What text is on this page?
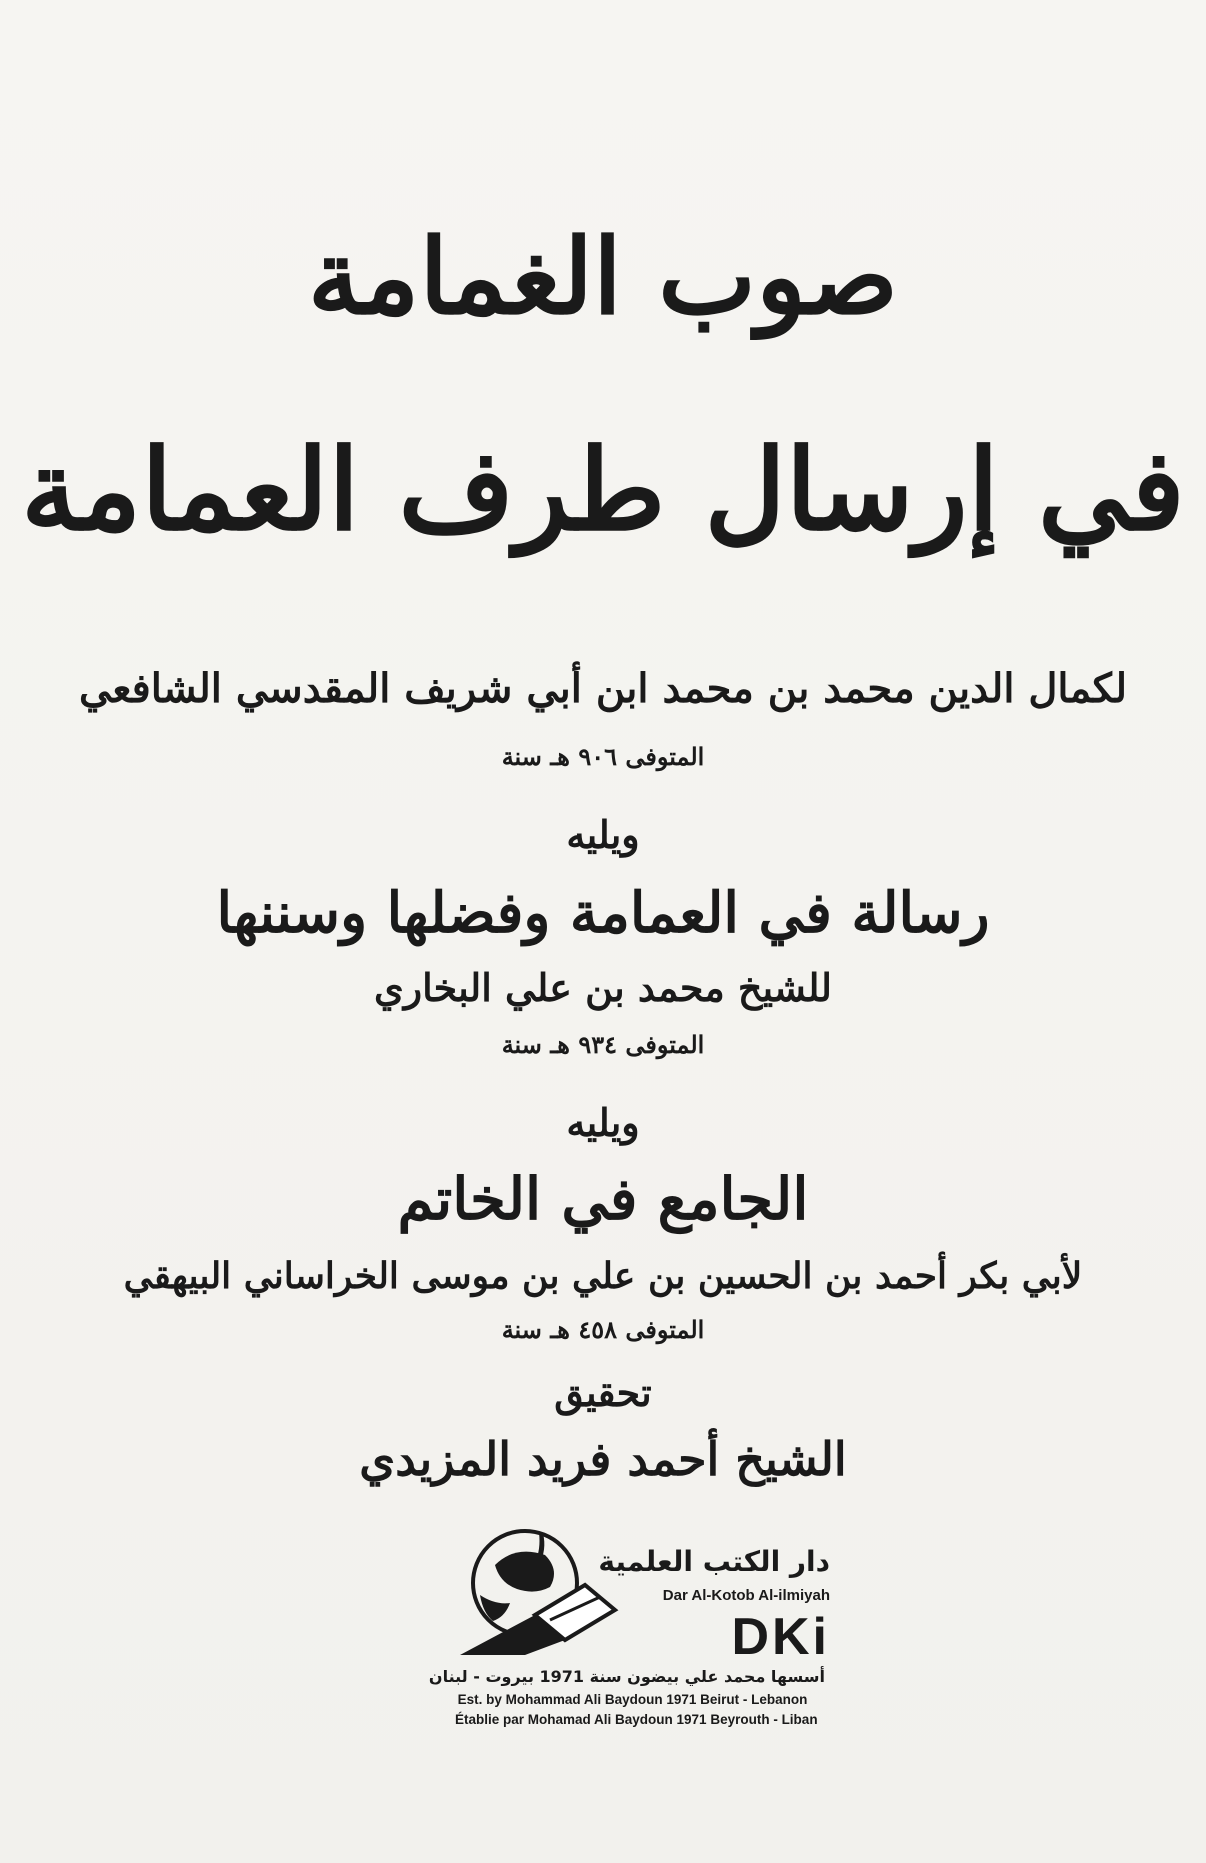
صوب الغمامة
في إرسال طرف العمامة
لكمال الدين محمد بن محمد ابن أبي شريف المقدسي الشافعي
المتوفى ٩٠٦ هـ سنة
ويليه
رسالة في العمامة وفضلها وسننها
للشيخ محمد بن علي البخاري
المتوفى ٩٣٤ هـ سنة
ويليه
الجامع في الخاتم
لأبي بكر أحمد بن الحسين بن علي بن موسى الخراساني البيهقي
المتوفى ٤٥٨ هـ سنة
تحقيق
الشيخ أحمد فريد المزيدي
دار الكتب العلمية
Dar Al-Kotob Al-ilmiyah
DKi
أسسها محمد علي بيضون سنة 1971 بيروت - لبنان
Est. by Mohammad Ali Baydoun 1971 Beirut - Lebanon
Établie par Mohamad Ali Baydoun 1971 Beyrouth - Liban
